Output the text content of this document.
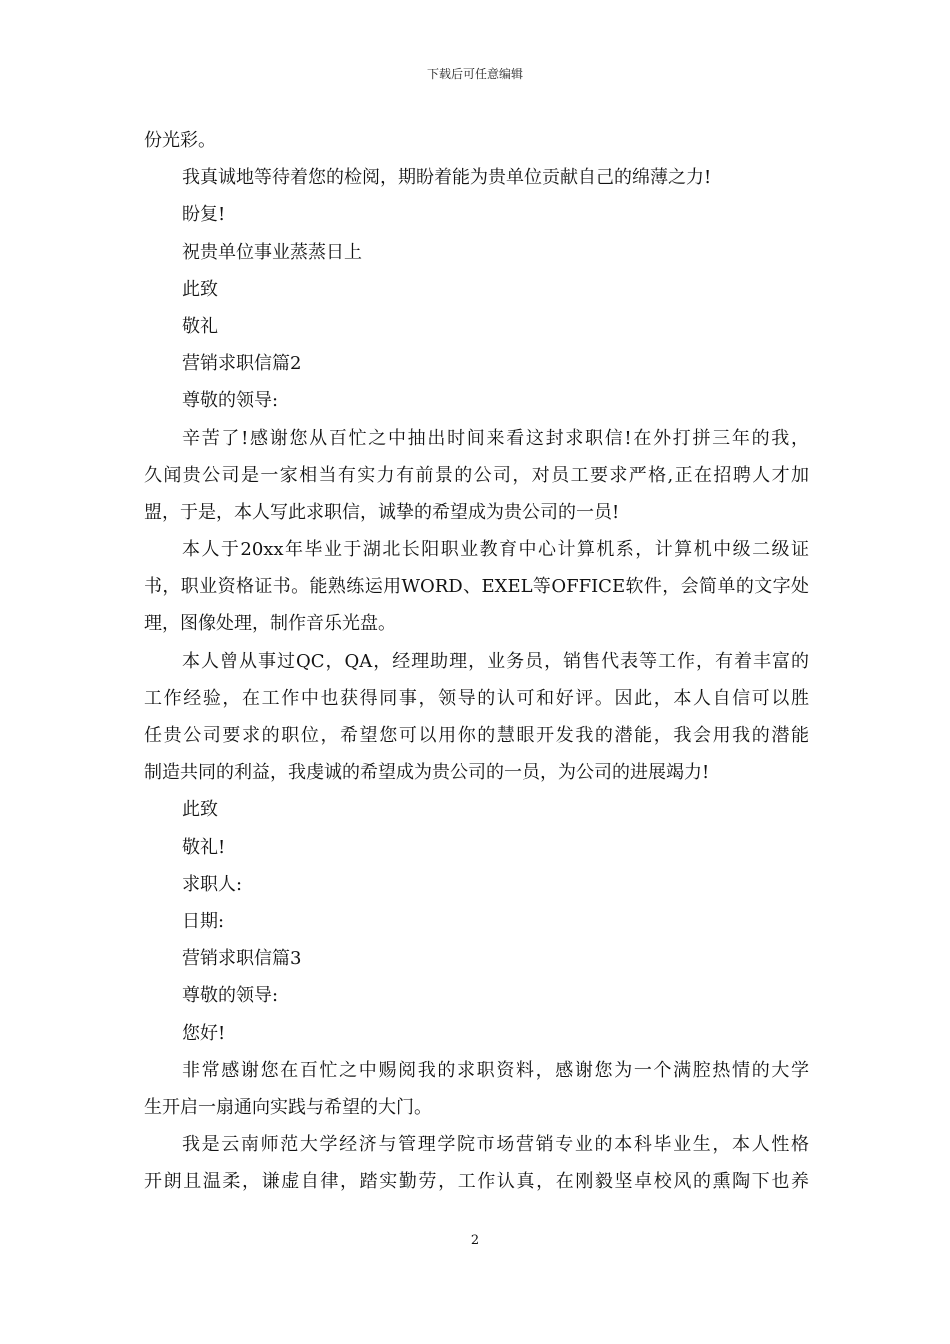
下载后可任意编辑
份光彩。
我真诚地等待着您的检阅，期盼着能为贵单位贡献自己的绵薄之力!
盼复!
祝贵单位事业蒸蒸日上
此致
敬礼
营销求职信篇2
尊敬的领导:
辛苦了!感谢您从百忙之中抽出时间来看这封求职信!在外打拼三年的我，
久闻贵公司是一家相当有实力有前景的公司，对员工要求严格,正在招聘人才加
盟，于是，本人写此求职信，诚挚的希望成为贵公司的一员!
本人于20xx年毕业于湖北长阳职业教育中心计算机系，计算机中级二级证
书，职业资格证书。能熟练运用WORD、EXEL等OFFICE软件，会简单的文字处
理，图像处理，制作音乐光盘。
本人曾从事过QC，QA，经理助理，业务员，销售代表等工作，有着丰富的
工作经验，在工作中也获得同事，领导的认可和好评。因此，本人自信可以胜
任贵公司要求的职位，希望您可以用你的慧眼开发我的潜能，我会用我的潜能
制造共同的利益，我虔诚的希望成为贵公司的一员，为公司的进展竭力!
此致
敬礼!
求职人:
日期:
营销求职信篇3
尊敬的领导:
您好!
非常感谢您在百忙之中赐阅我的求职资料，感谢您为一个满腔热情的大学
生开启一扇通向实践与希望的大门。
我是云南师范大学经济与管理学院市场营销专业的本科毕业生，本人性格
开朗且温柔，谦虚自律，踏实勤劳，工作认真，在刚毅坚卓校风的熏陶下也养
2
